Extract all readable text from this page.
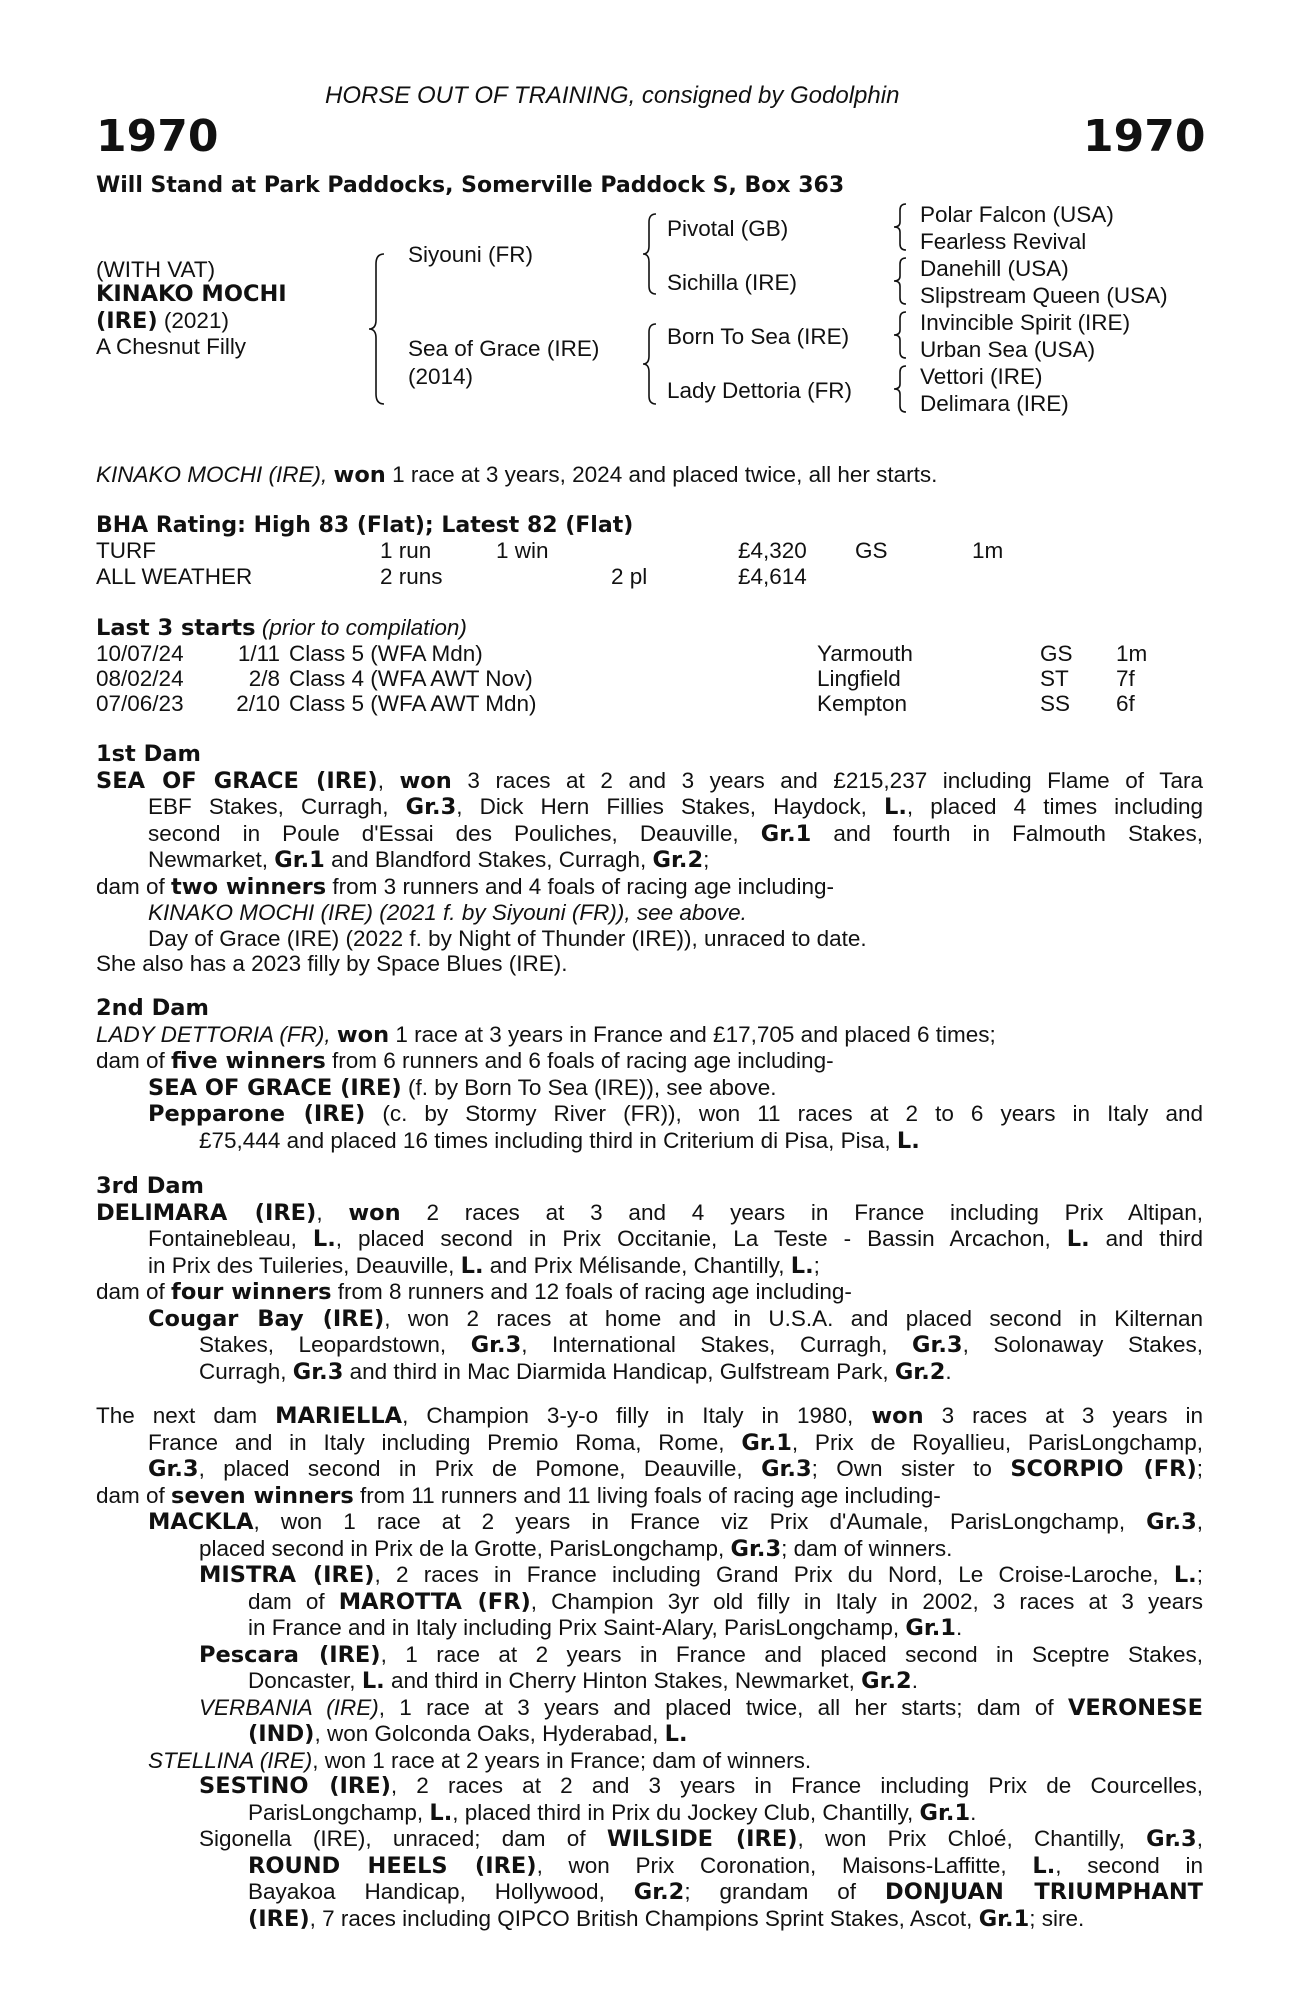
HORSE OUT OF TRAINING, consigned by Godolphin
1970	1970
Will Stand at Park Paddocks, Somerville Paddock S, Box 363
(WITH VAT)
KINAKO MOCHI
(IRE) (2021)
A Chesnut Filly
Siyouni (FR)
Sea of Grace (IRE)
(2014)
Pivotal (GB)
Sichilla (IRE)
Born To Sea (IRE)
Lady Dettoria (FR)
Polar Falcon (USA)
Fearless Revival
Danehill (USA)
Slipstream Queen (USA)
Invincible Spirit (IRE)
Urban Sea (USA)
Vettori (IRE)
Delimara (IRE)
KINAKO MOCHI (IRE), won 1 race at 3 years, 2024 and placed twice, all her starts.
BHA Rating: High 83 (Flat); Latest 82 (Flat)
TURF	1 run	1 win	£4,320 GS	1m
ALL WEATHER	2 runs	2 pl	£4,614
Last 3 starts (prior to compilation)
10/07/24 1/11 Class 5 (WFA Mdn)	Yarmouth	GS 1m
08/02/24	2/8 Class 4 (WFA AWT Nov)	Lingfield	ST 7f
07/06/23 2/10 Class 5 (WFA AWT Mdn)	Kempton	SS 6f
1st Dam
SEA OF GRACE (IRE), won 3 races at 2 and 3 years and £215,237 including Flame of Tara
EBF Stakes, Curragh, Gr.3, Dick Hern Fillies Stakes, Haydock, L., placed 4 times including
second in Poule d'Essai des Pouliches, Deauville, Gr.1 and fourth in Falmouth Stakes,
Newmarket, Gr.1 and Blandford Stakes, Curragh, Gr.2;
dam of two winners from 3 runners and 4 foals of racing age including-
KINAKO MOCHI (IRE) (2021 f. by Siyouni (FR)), see above.
Day of Grace (IRE) (2022 f. by Night of Thunder (IRE)), unraced to date.
She also has a 2023 filly by Space Blues (IRE).
2nd Dam
LADY DETTORIA (FR), won 1 race at 3 years in France and £17,705 and placed 6 times;
dam of five winners from 6 runners and 6 foals of racing age including-
SEA OF GRACE (IRE) (f. by Born To Sea (IRE)), see above.
Pepparone (IRE) (c. by Stormy River (FR)), won 11 races at 2 to 6 years in Italy and
£75,444 and placed 16 times including third in Criterium di Pisa, Pisa, L.
3rd Dam
DELIMARA (IRE), won 2 races at 3 and 4 years in France including Prix Altipan,
Fontainebleau, L., placed second in Prix Occitanie, La Teste - Bassin Arcachon, L. and third
in Prix des Tuileries, Deauville, L. and Prix Mélisande, Chantilly, L.;
dam of four winners from 8 runners and 12 foals of racing age including-
Cougar Bay (IRE), won 2 races at home and in U.S.A. and placed second in Kilternan
Stakes, Leopardstown, Gr.3, International Stakes, Curragh, Gr.3, Solonaway Stakes,
Curragh, Gr.3 and third in Mac Diarmida Handicap, Gulfstream Park, Gr.2.
The next dam MARIELLA, Champion 3-y-o filly in Italy in 1980, won 3 races at 3 years in
France and in Italy including Premio Roma, Rome, Gr.1, Prix de Royallieu, ParisLongchamp,
Gr.3, placed second in Prix de Pomone, Deauville, Gr.3; Own sister to SCORPIO (FR);
dam of seven winners from 11 runners and 11 living foals of racing age including-
MACKLA, won 1 race at 2 years in France viz Prix d'Aumale, ParisLongchamp, Gr.3,
placed second in Prix de la Grotte, ParisLongchamp, Gr.3; dam of winners.
MISTRA (IRE), 2 races in France including Grand Prix du Nord, Le Croise-Laroche, L.;
dam of MAROTTA (FR), Champion 3yr old filly in Italy in 2002, 3 races at 3 years
in France and in Italy including Prix Saint-Alary, ParisLongchamp, Gr.1.
Pescara (IRE), 1 race at 2 years in France and placed second in Sceptre Stakes,
Doncaster, L. and third in Cherry Hinton Stakes, Newmarket, Gr.2.
VERBANIA (IRE), 1 race at 3 years and placed twice, all her starts; dam of VERONESE
(IND), won Golconda Oaks, Hyderabad, L.
STELLINA (IRE), won 1 race at 2 years in France; dam of winners.
SESTINO (IRE), 2 races at 2 and 3 years in France including Prix de Courcelles,
ParisLongchamp, L., placed third in Prix du Jockey Club, Chantilly, Gr.1.
Sigonella (IRE), unraced; dam of WILSIDE (IRE), won Prix Chloé, Chantilly, Gr.3,
ROUND HEELS (IRE), won Prix Coronation, Maisons-Laffitte, L., second in
Bayakoa Handicap, Hollywood, Gr.2; grandam of DONJUAN TRIUMPHANT
(IRE), 7 races including QIPCO British Champions Sprint Stakes, Ascot, Gr.1; sire.
